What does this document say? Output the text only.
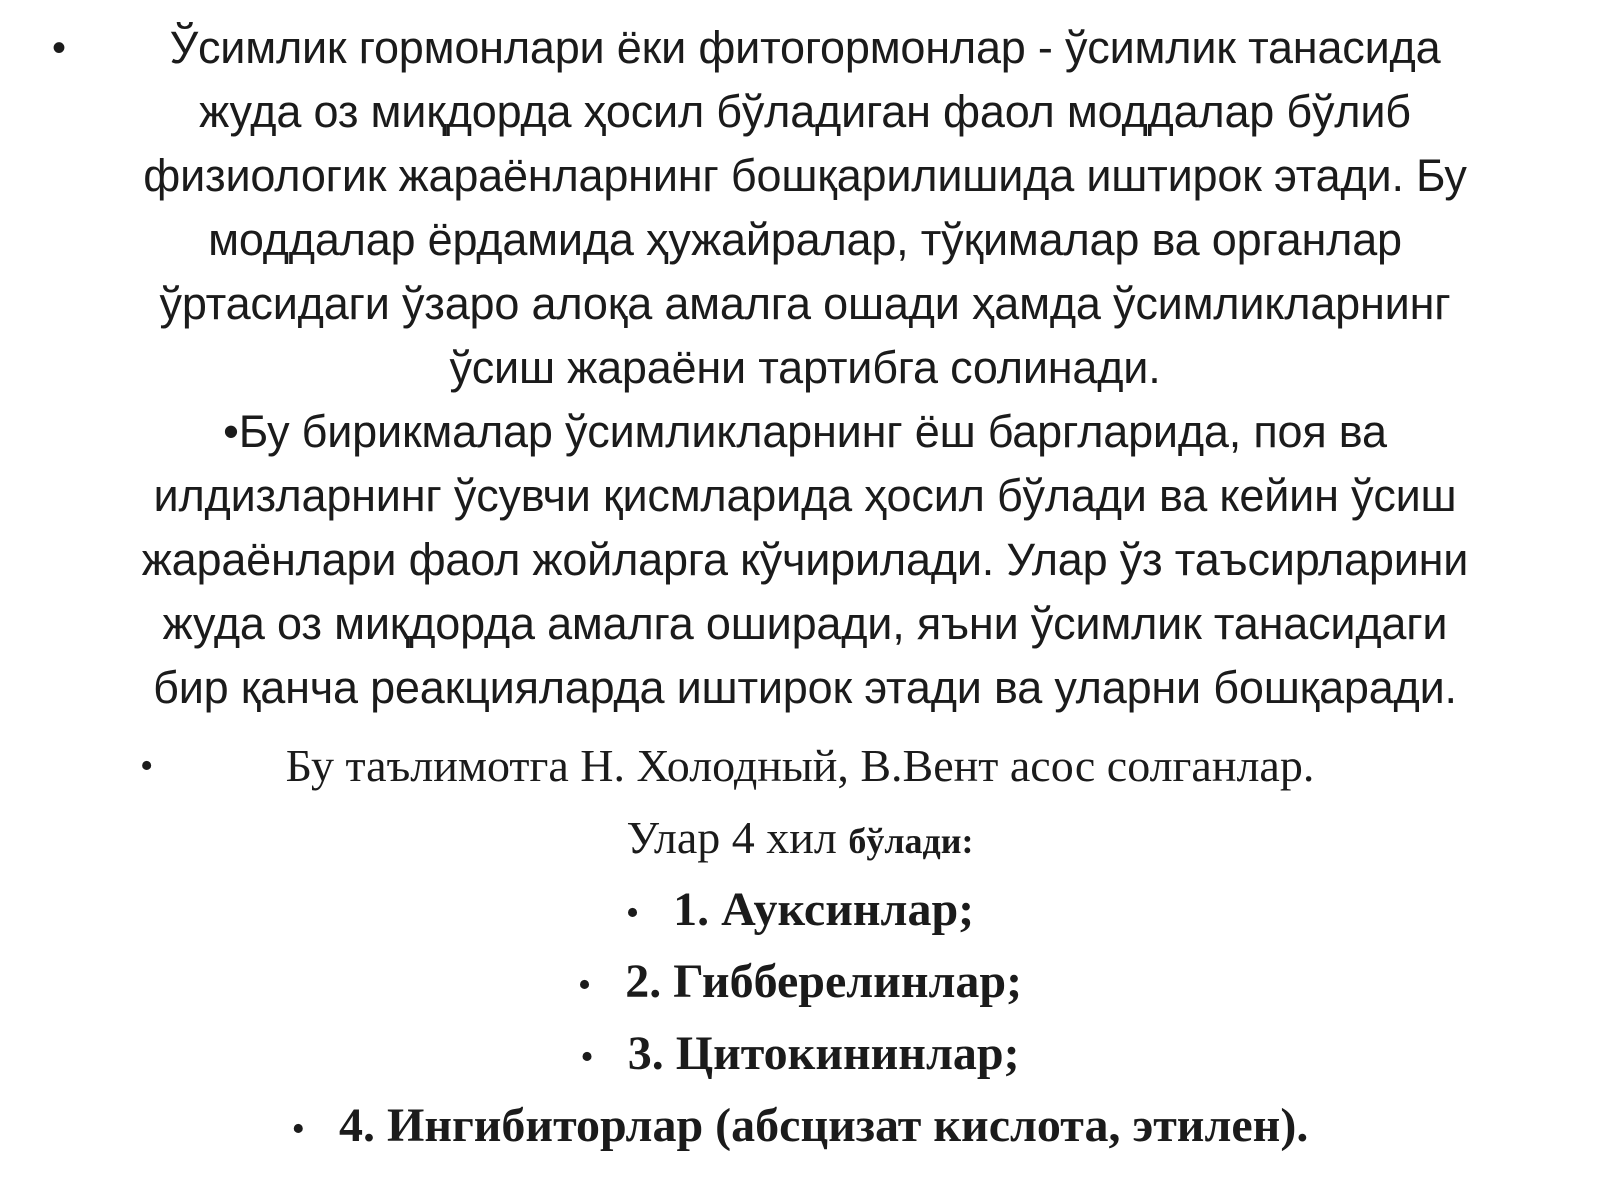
•	Ўсимлик гормонлари ёки фитогормонлар - ўсимлик танасида
жуда оз миқдорда ҳосил бўладиган фаол моддалар бўлиб
физиологик жараёнларнинг бошқарилишида иштирок этади. Бу
моддалар ёрдамида ҳужайралар, тўқималар ва органлар
ўртасидаги ўзаро алоқа амалга ошади ҳамда ўсимликларнинг
ўсиш жараёни тартибга солинади.
•Бу бирикмалар ўсимликларнинг ёш баргларида, поя ва
илдизларнинг ўсувчи қисмларида ҳосил бўлади ва кейин ўсиш
жараёнлари фаол жойларга кўчирилади. Улар ўз таъсирларини
жуда оз миқдорда амалга оширади, яъни ўсимлик танасидаги
бир қанча реакцияларда иштирок этади ва уларни бошқаради.
•	Бу таълимотга Н. Холодный, В.Вент асос солганлар.
Улар 4 хил бўлади:
• 1. Ауксинлар;
• 2. Гибберелинлар;
• 3. Цитокининлар;
• 4. Ингибиторлар (абсцизат кислота, этилен).
